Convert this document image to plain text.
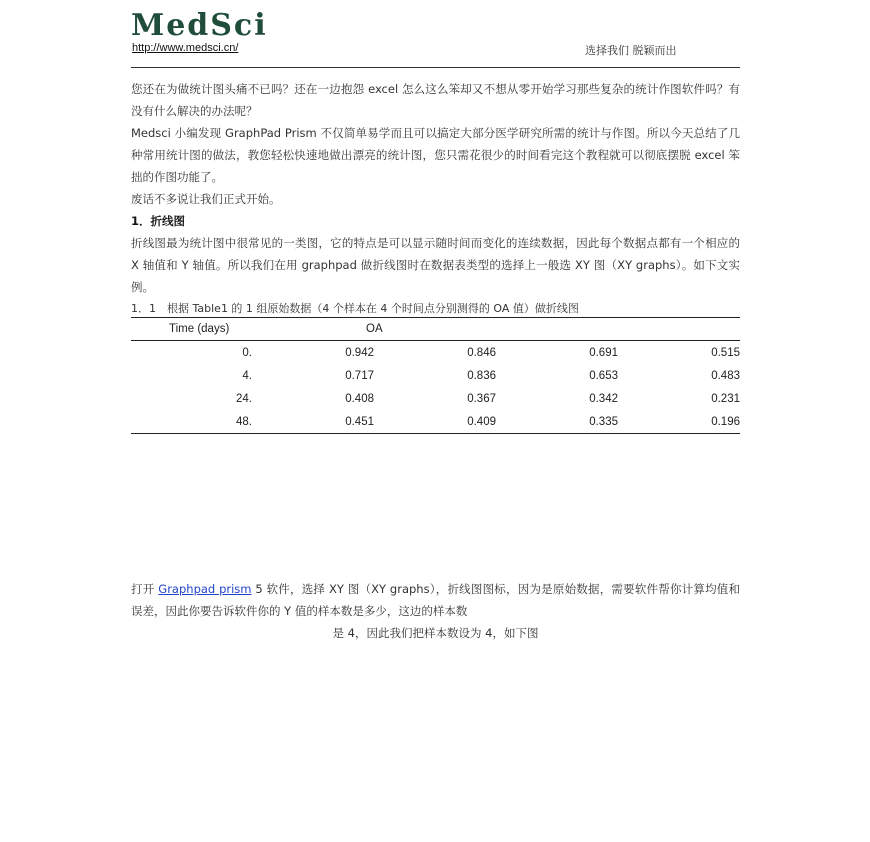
MedSci
http://www.medsci.cn/	选择我们 脱颖而出

您还在为做统计图头痛不已吗？还在一边抱怨 excel 怎么这么笨却又不想从零开始学习那些复杂的统计作图软件吗？有没有什么解决的办法呢？

Medsci 小编发现 GraphPad Prism 不仅简单易学而且可以搞定大部分医学研究所需的统计与作图。所以今天总结了几种常用统计图的做法，教您轻松快速地做出漂亮的统计图，您只需花很少的时间看完这个教程就可以彻底摆脱 excel 笨拙的作图功能了。

废话不多说让我们正式开始。

1．折线图

折线图最为统计图中很常见的一类图，它的特点是可以显示随时间而变化的连续数据，因此每个数据点都有一个相应的 X 轴值和 Y 轴值。所以我们在用 graphpad 做折线图时在数据表类型的选择上一般选 XY 图（XY graphs）。如下文实例。

1．1　根据 Table1 的 1 组原始数据（4 个样本在 4 个时间点分别测得的 OA 值）做折线图

Time (days)	OA			
0.	0.942	0.846	0.691	0.515
4.	0.717	0.836	0.653	0.483
24.	0.408	0.367	0.342	0.231
48.	0.451	0.409	0.335	0.196

打开 Graphpad prism 5 软件，选择 XY 图（XY graphs），折线图图标，因为是原始数据，需要软件帮你计算均值和误差，因此你要告诉软件你的 Y 值的样本数是多少，这边的样本数

是 4，因此我们把样本数设为 4，如下图
